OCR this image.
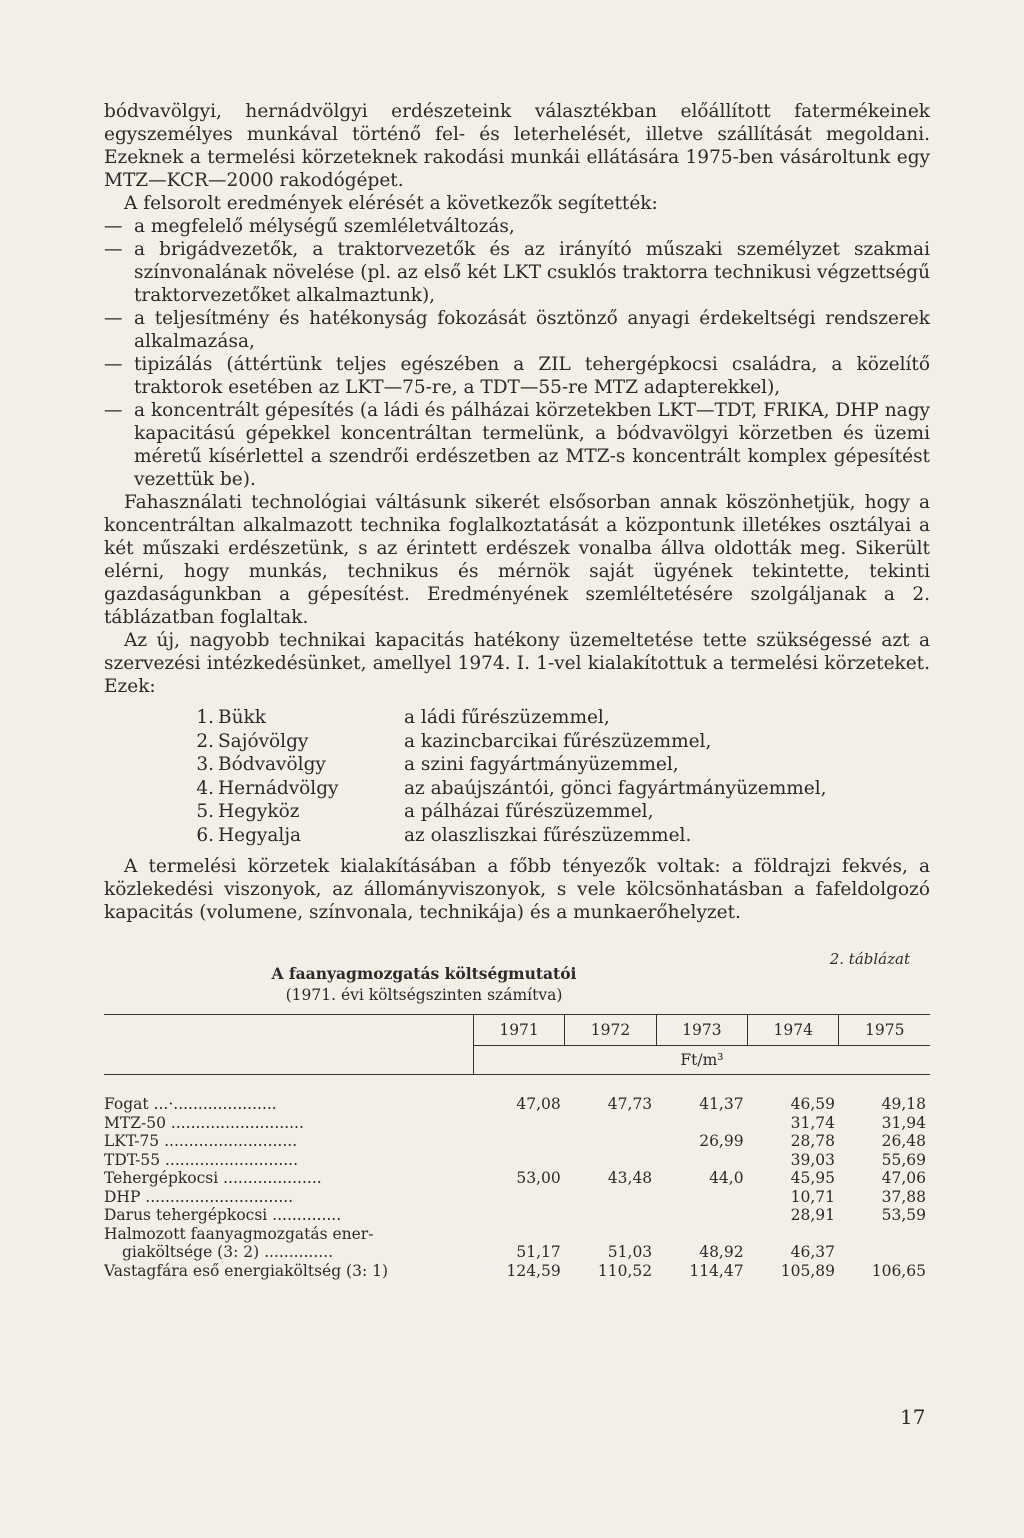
bódvavölgyi, hernádvölgyi erdészeteink választékban előállított fatermékeinek egyszemélyes munkával történő fel- és leterhelését, illetve szállítását megoldani. Ezeknek a termelési körzeteknek rakodási munkái ellátására 1975-ben vásároltunk egy MTZ—KCR—2000 rakodógépet.

A felsorolt eredmények elérését a következők segítették:

— a megfelelő mélységű szemléletváltozás,
— a brigádvezetők, a traktorvezetők és az irányító műszaki személyzet szakmai színvonalának növelése (pl. az első két LKT csuklós traktorra technikusi végzettségű traktorvezetőket alkalmaztunk),
— a teljesítmény és hatékonyság fokozását ösztönző anyagi érdekeltségi rendszerek alkalmazása,
— tipizálás (áttértünk teljes egészében a ZIL tehergépkocsi családra, a közelítő traktorok esetében az LKT—75-re, a TDT—55-re MTZ adapterekkel),
— a koncentrált gépesítés (a ládi és pálházai körzetekben LKT—TDT, FRIKA, DHP nagy kapacitású gépekkel koncentráltan termelünk, a bódvavölgyi körzetben és üzemi méretű kísérlettel a szendrői erdészetben az MTZ-s koncentrált komplex gépesítést vezettük be).

Fahasználati technológiai váltásunk sikerét elsősorban annak köszönhetjük, hogy a koncentráltan alkalmazott technika foglalkoztatását a központunk illetékes osztályai a két műszaki erdészetünk, s az érintett erdészek vonalba állva oldották meg. Sikerült elérni, hogy munkás, technikus és mérnök saját ügyének tekintette, tekinti gazdaságunkban a gépesítést. Eredményének szemléltetésére szolgáljanak a 2. táblázatban foglaltak.

Az új, nagyobb technikai kapacitás hatékony üzemeltetése tette szükségessé azt a szervezési intézkedésünket, amellyel 1974. I. 1-vel kialakítottuk a termelési körzeteket. Ezek:

1. Bükk	a ládi fűrészüzemmel,
2. Sajóvölgy	a kazincbarcikai fűrészüzemmel,
3. Bódvavölgy	a szini fagyártmányüzemmel,
4. Hernádvölgy	az abaújszántói, gönci fagyártmányüzemmel,
5. Hegyköz	a pálházai fűrészüzemmel,
6. Hegyalja	az olaszliszkai fűrészüzemmel.

A termelési körzetek kialakításában a főbb tényezők voltak: a földrajzi fekvés, a közlekedési viszonyok, az állományviszonyok, s vele kölcsönhatásban a fafeldolgozó kapacitás (volumene, színvonala, technikája) és a munkaerőhelyzet.

2. táblázat
A faanyagmozgatás költségmutatói
(1971. évi költségszinten számítva)
	1971	1972	1973	1974	1975
	Ft/m³				

Fogat ...·.....................	47,08	47,73	41,37	46,59	49,18
MTZ-50 ...........................				31,74	31,94
LKT-75 ...........................			26,99	28,78	26,48
TDT-55 ...........................				39,03	55,69
Tehergépkocsi ....................	53,00	43,48	44,0	45,95	47,06
DHP ..............................				10,71	37,88
Darus tehergépkocsi ..............				28,91	53,59
Halmozott faanyagmozgatás ener-					
giaköltsége (3: 2) ..............	51,17	51,03	48,92	46,37	
Vastagfára eső energiaköltség (3: 1)	124,59	110,52	114,47	105,89	106,65
17
